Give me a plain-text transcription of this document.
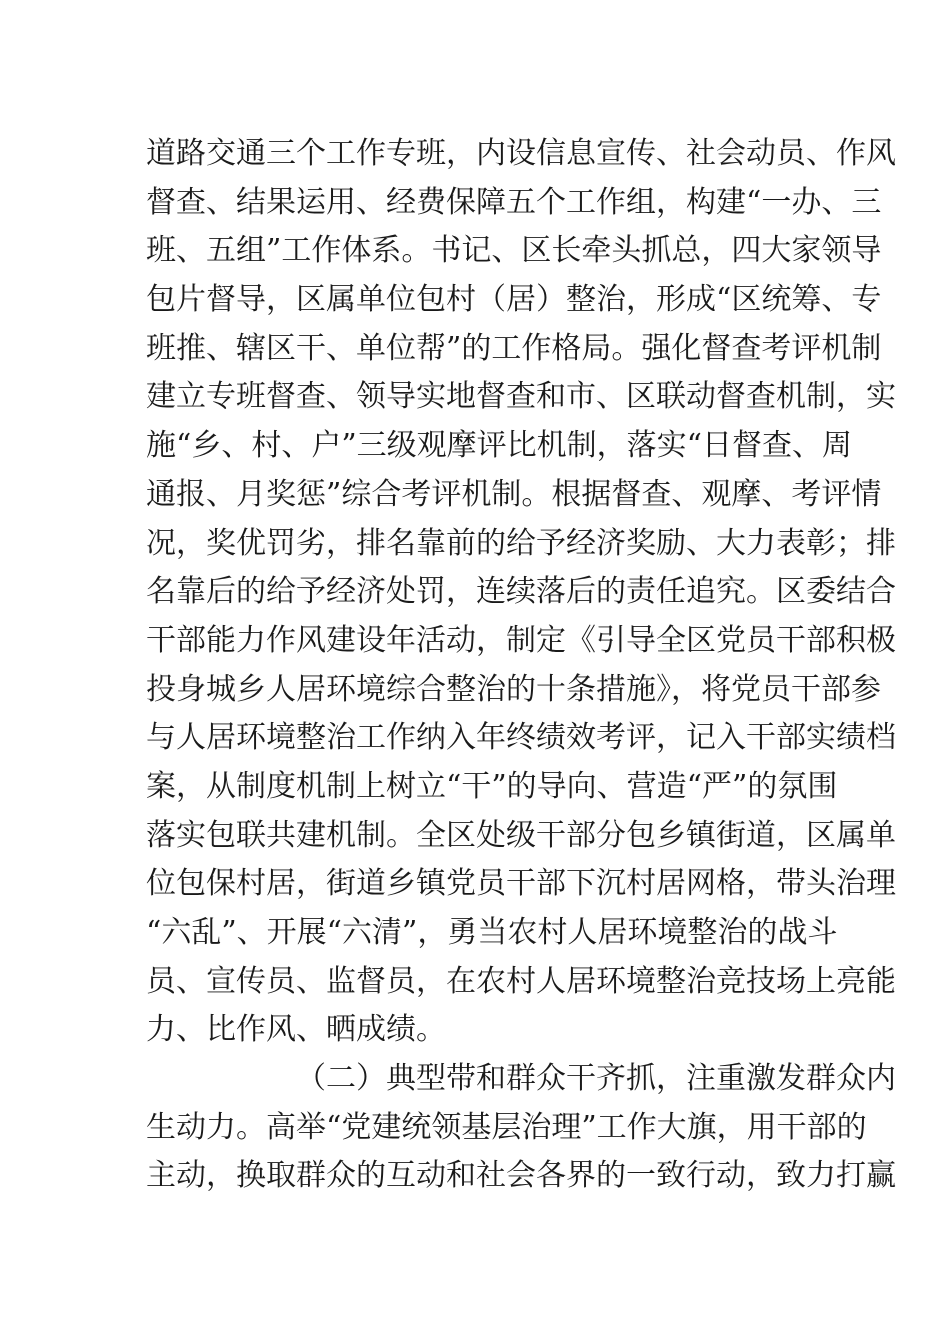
道路交通三个工作专班，内设信息宣传、社会动员、作风
督查、结果运用、经费保障五个工作组，构建“一办、三
班、五组”工作体系。书记、区长牵头抓总，四大家领导
包片督导，区属单位包村（居）整治，形成“区统筹、专
班推、辖区干、单位帮”的工作格局。强化督查考评机制
建立专班督查、领导实地督查和市、区联动督查机制，实
施“乡、村、户”三级观摩评比机制，落实“日督查、周
通报、月奖惩”综合考评机制。根据督查、观摩、考评情
况，奖优罚劣，排名靠前的给予经济奖励、大力表彰；排
名靠后的给予经济处罚，连续落后的责任追究。区委结合
干部能力作风建设年活动，制定《引导全区党员干部积极
投身城乡人居环境综合整治的十条措施》，将党员干部参
与人居环境整治工作纳入年终绩效考评，记入干部实绩档
案，从制度机制上树立“干”的导向、营造“严”的氛围
落实包联共建机制。全区处级干部分包乡镇街道，区属单
位包保村居，街道乡镇党员干部下沉村居网格，带头治理
“六乱”、开展“六清”，勇当农村人居环境整治的战斗
员、宣传员、监督员，在农村人居环境整治竞技场上亮能
力、比作风、晒成绩。
（二）典型带和群众干齐抓，注重激发群众内
生动力。高举“党建统领基层治理”工作大旗，用干部的
主动，换取群众的互动和社会各界的一致行动，致力打赢
